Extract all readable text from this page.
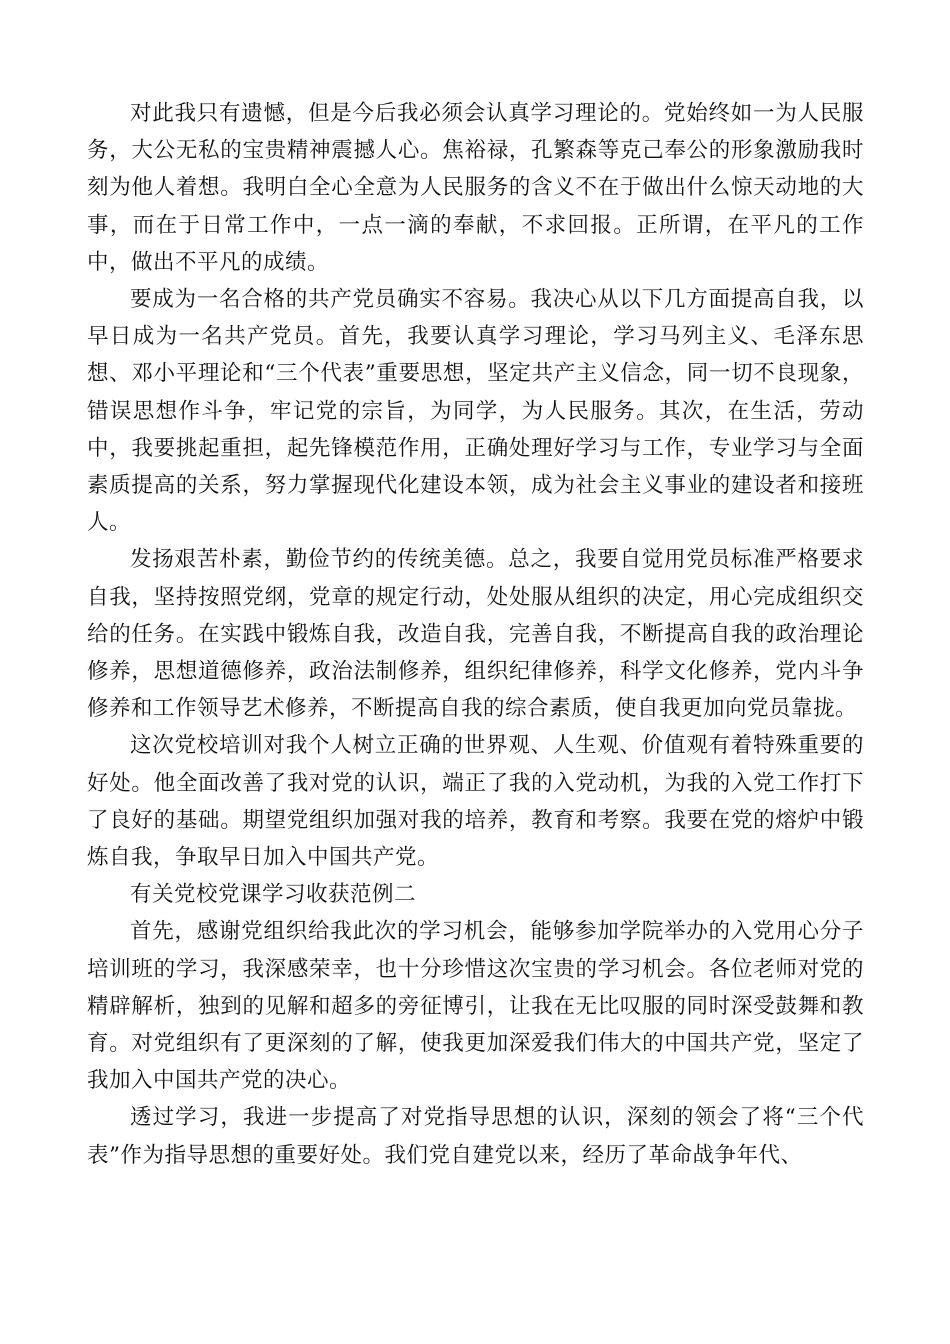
对此我只有遗憾，但是今后我必须会认真学习理论的。党始终如一为人民服务，大公无私的宝贵精神震撼人心。焦裕禄，孔繁森等克己奉公的形象激励我时刻为他人着想。我明白全心全意为人民服务的含义不在于做出什么惊天动地的大事，而在于日常工作中，一点一滴的奉献，不求回报。正所谓，在平凡的工作中，做出不平凡的成绩。

要成为一名合格的共产党员确实不容易。我决心从以下几方面提高自我，以早日成为一名共产党员。首先，我要认真学习理论，学习马列主义、毛泽东思想、邓小平理论和“三个代表”重要思想，坚定共产主义信念，同一切不良现象，错误思想作斗争，牢记党的宗旨，为同学，为人民服务。其次，在生活，劳动中，我要挑起重担，起先锋模范作用，正确处理好学习与工作，专业学习与全面素质提高的关系，努力掌握现代化建设本领，成为社会主义事业的建设者和接班人。

发扬艰苦朴素，勤俭节约的传统美德。总之，我要自觉用党员标准严格要求自我，坚持按照党纲，党章的规定行动，处处服从组织的决定，用心完成组织交给的任务。在实践中锻炼自我，改造自我，完善自我，不断提高自我的政治理论修养，思想道德修养，政治法制修养，组织纪律修养，科学文化修养，党内斗争修养和工作领导艺术修养，不断提高自我的综合素质，使自我更加向党员靠拢。

这次党校培训对我个人树立正确的世界观、人生观、价值观有着特殊重要的好处。他全面改善了我对党的认识，端正了我的入党动机，为我的入党工作打下了良好的基础。期望党组织加强对我的培养，教育和考察。我要在党的熔炉中锻炼自我，争取早日加入中国共产党。

有关党校党课学习收获范例二

首先，感谢党组织给我此次的学习机会，能够参加学院举办的入党用心分子培训班的学习，我深感荣幸，也十分珍惜这次宝贵的学习机会。各位老师对党的精辟解析，独到的见解和超多的旁征博引，让我在无比叹服的同时深受鼓舞和教育。对党组织有了更深刻的了解，使我更加深爱我们伟大的中国共产党，坚定了我加入中国共产党的决心。

透过学习，我进一步提高了对党指导思想的认识，深刻的领会了将“三个代表”作为指导思想的重要好处。我们党自建党以来，经历了革命战争年代、
